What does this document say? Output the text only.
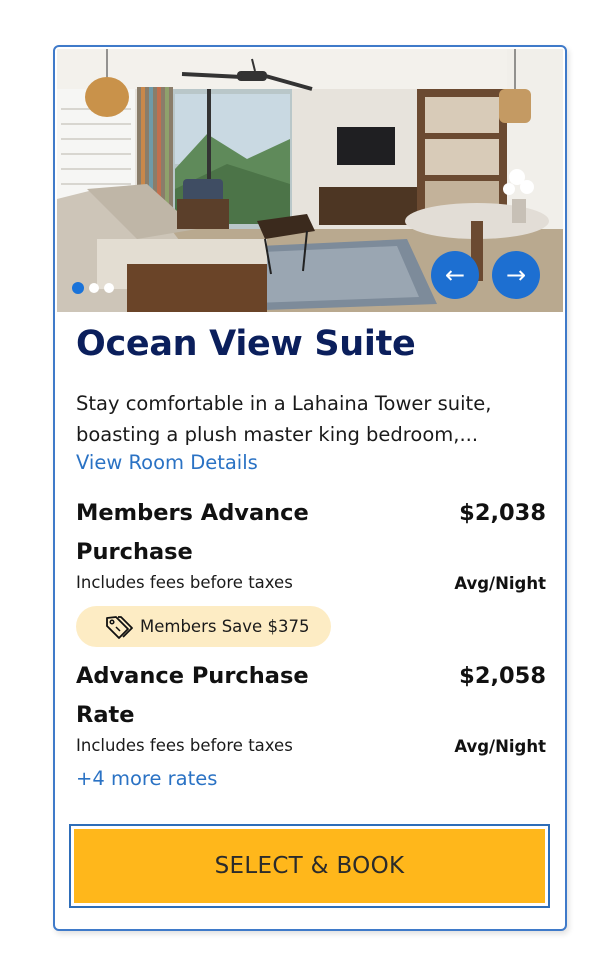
← →
Ocean View Suite

Stay comfortable in a Lahaina Tower suite, boasting a plush master king bedroom,...

View Room Details
Members Advance Purchase
$2,038
Includes fees before taxes	Avg/Night
Members Save $375
Advance Purchase Rate
$2,058
Includes fees before taxes	Avg/Night
+4 more rates
SELECT & BOOK
